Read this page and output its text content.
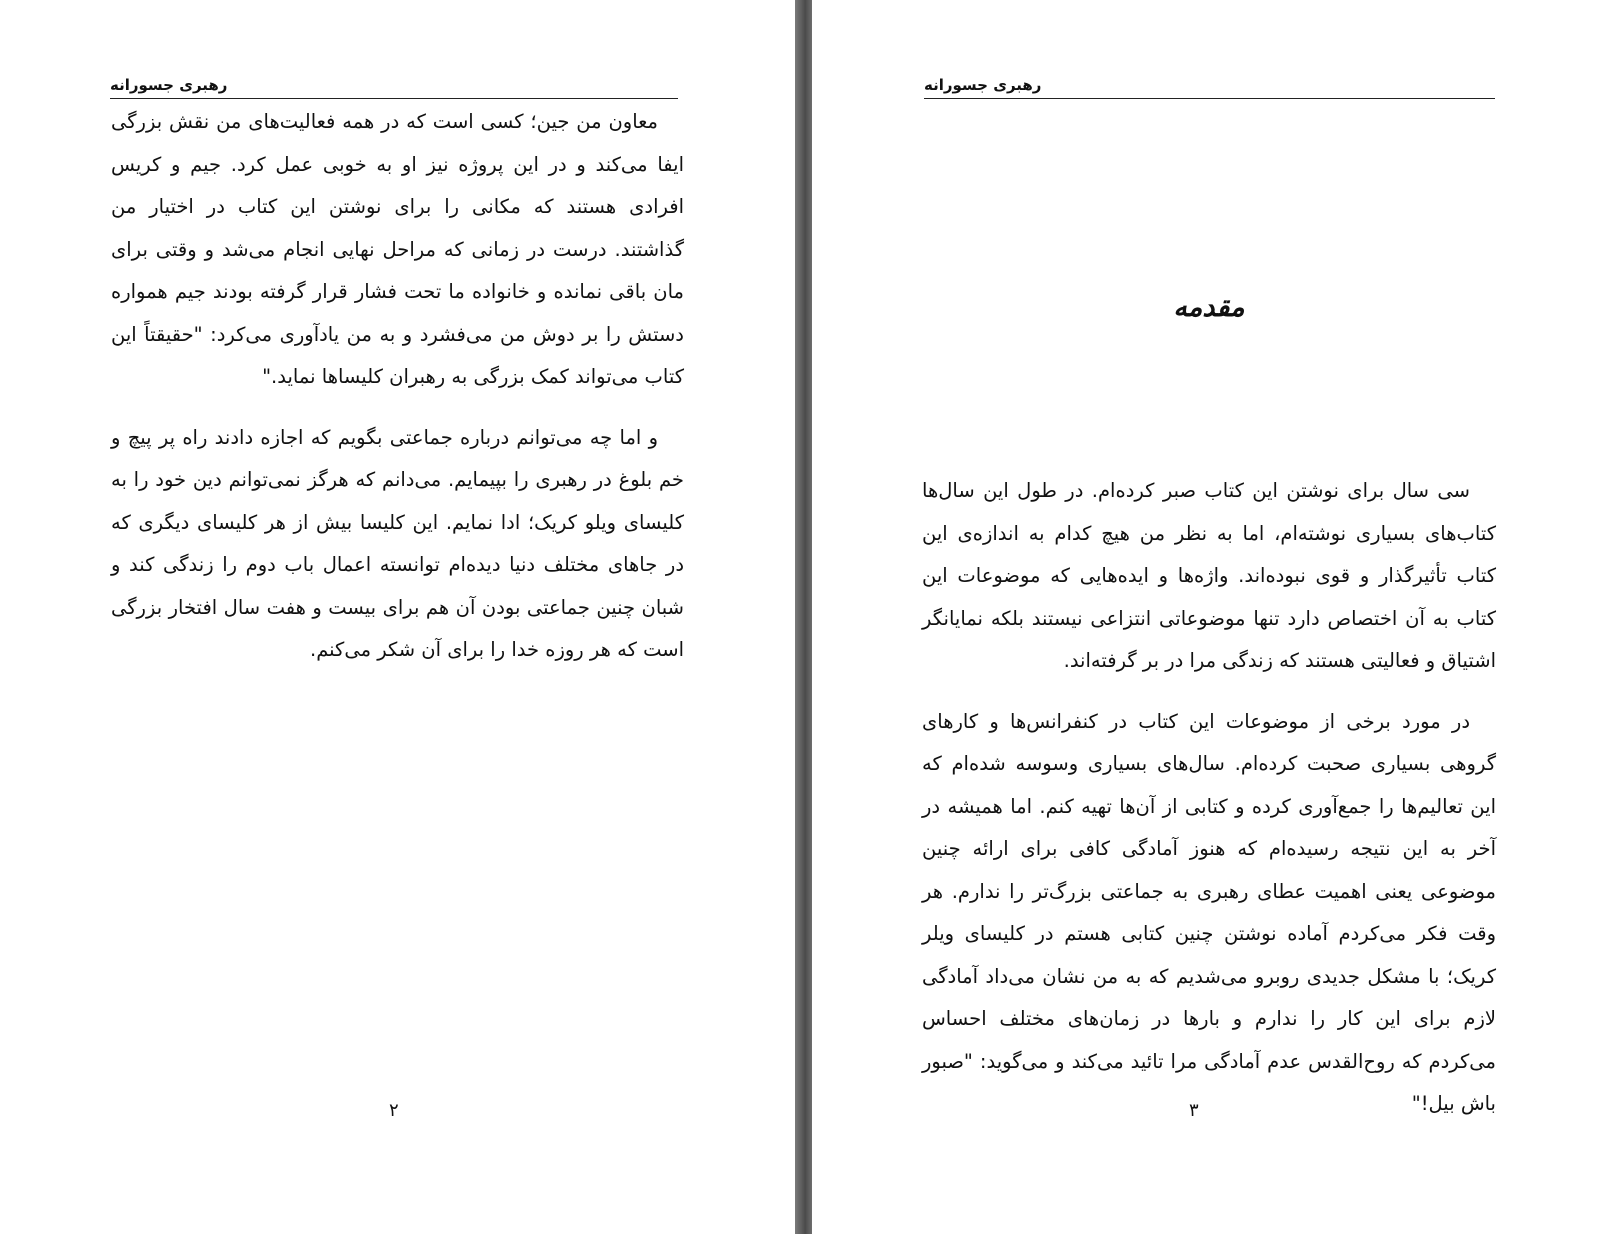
رهبری جسورانه

معاون من جین؛ کسی است که در همه فعالیت‌های من نقش بزرگی ایفا می‌کند و در این پروژه نیز او به خوبی عمل کرد. جیم و کریس افرادی هستند که مکانی را برای نوشتن این کتاب در اختیار من گذاشتند. درست در زمانی که مراحل نهایی انجام می‌شد و وقتی برای مان باقی نمانده و خانواده ما تحت فشار قرار گرفته بودند جیم همواره دستش را بر دوش من می‌فشرد و به من یادآوری می‌کرد: "حقیقتاً این کتاب می‌تواند کمک بزرگی به رهبران کلیساها نماید."

و اما چه می‌توانم درباره جماعتی بگویم که اجازه دادند راه پر پیچ و خم بلوغ در رهبری را بپیمایم. می‌دانم که هرگز نمی‌توانم دین خود را به کلیسای ویلو کریک؛ ادا نمایم. این کلیسا بیش از هر کلیسای دیگری که در جاهای مختلف دنیا دیده‌ام توانسته اعمال باب دوم را زندگی کند و شبان چنین جماعتی بودن آن هم برای بیست و هفت سال افتخار بزرگی است که هر روزه خدا را برای آن شکر می‌کنم.

۲
رهبری جسورانه
مقدمه

سی سال برای نوشتن این کتاب صبر کرده‌ام. در طول این سال‌ها کتاب‌های بسیاری نوشته‌ام، اما به نظر من هیچ کدام به اندازه‌ی این کتاب تأثیرگذار و قوی نبوده‌اند. واژه‌ها و ایده‌هایی که موضوعات این کتاب به آن اختصاص دارد تنها موضوعاتی انتزاعی نیستند بلکه نمایانگر اشتیاق و فعالیتی هستند که زندگی مرا در بر گرفته‌اند.

در مورد برخی از موضوعات این کتاب در کنفرانس‌ها و کارهای گروهی بسیاری صحبت کرده‌ام. سال‌های بسیاری وسوسه شده‌ام که این تعالیم‌ها را جمع‌آوری کرده و کتابی از آن‌ها تهیه کنم. اما همیشه در آخر به این نتیجه رسیده‌ام که هنوز آمادگی کافی برای ارائه چنین موضوعی یعنی اهمیت عطای رهبری به جماعتی بزرگ‌تر را ندارم. هر وقت فکر می‌کردم آماده نوشتن چنین کتابی هستم در کلیسای ویلر کریک؛ با مشکل جدیدی روبرو می‌شدیم که به من نشان می‌داد آمادگی لازم برای این کار را ندارم و بارها در زمان‌های مختلف احساس می‌کردم که روح‌القدس عدم آمادگی مرا تائید می‌کند و می‌گوید: "صبور باش بیل!"

۳
